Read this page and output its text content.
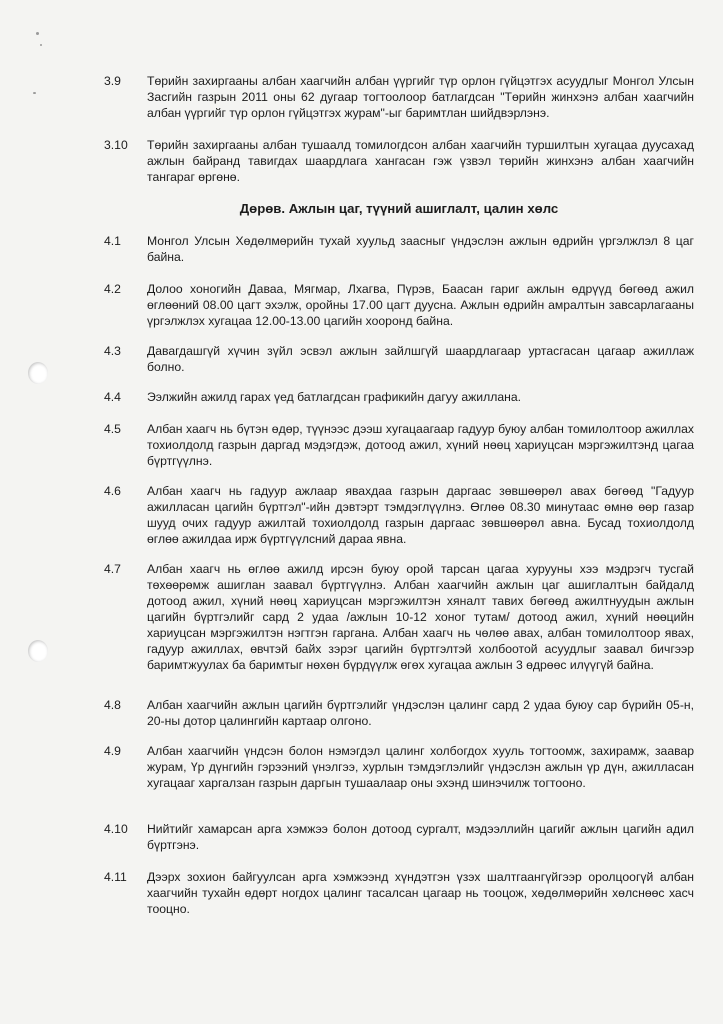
3.9	Төрийн захиргааны албан хаагчийн албан үүргийг түр орлон гүйцэтгэх асуудлыг Монгол Улсын Засгийн газрын 2011 оны 62 дугаар тогтоолоор батлагдсан "Төрийн жинхэнэ албан хаагчийн албан үүргийг түр орлон гүйцэтгэх журам"-ыг баримтлан шийдвэрлэнэ.
3.10	Төрийн захиргааны албан тушаалд томилогдсон албан хаагчийн туршилтын хугацаа дуусахад ажлын байранд тавигдах шаардлага хангасан гэж үзвэл төрийн жинхэнэ албан хаагчийн тангараг өргөнө.
Дөрөв. Ажлын цаг, түүний ашиглалт, цалин хөлс
4.1	Монгол Улсын Хөдөлмөрийн тухай хуульд заасныг үндэслэн ажлын өдрийн үргэлжлэл 8 цаг байна.
4.2	Долоо хоногийн Даваа, Мягмар, Лхагва, Пүрэв, Баасан гариг ажлын өдрүүд бөгөөд ажил өглөөний 08.00 цагт эхэлж, оройны 17.00 цагт дуусна. Ажлын өдрийн амралтын завсарлагааны үргэлжлэх хугацаа 12.00-13.00 цагийн хооронд байна.
4.3	Давагдашгүй хүчин зүйл эсвэл ажлын зайлшгүй шаардлагаар уртасгасан цагаар ажиллаж болно.
4.4	Ээлжийн ажилд гарах үед батлагдсан графикийн дагуу ажиллана.
4.5	Албан хаагч нь бүтэн өдөр, түүнээс дээш хугацаагаар гадуур буюу албан томилолтоор ажиллах тохиолдолд газрын даргад мэдэгдэж, дотоод ажил, хүний нөөц хариуцсан мэргэжилтэнд цагаа бүртгүүлнэ.
4.6	Албан хаагч нь гадуур ажлаар явахдаа газрын даргаас зөвшөөрөл авах бөгөөд "Гадуур ажилласан цагийн бүртгэл"-ийн дэвтэрт тэмдэглүүлнэ. Өглөө 08.30 минутаас өмнө өөр газар шууд очих гадуур ажилтай тохиолдолд газрын даргаас зөвшөөрөл авна. Бусад тохиолдолд өглөө ажилдаа ирж бүртгүүлсний дараа явна.
4.7	Албан хаагч нь өглөө ажилд ирсэн буюу орой тарсан цагаа хурууны хээ мэдрэгч тусгай төхөөрөмж ашиглан заавал бүртгүүлнэ. Албан хаагчийн ажлын цаг ашиглалтын байдалд дотоод ажил, хүний нөөц хариуцсан мэргэжилтэн хяналт тавих бөгөөд ажилтнуудын ажлын цагийн бүртгэлийг сард 2 удаа /ажлын 10-12 хоног тутам/ дотоод ажил, хүний нөөцийн хариуцсан мэргэжилтэн нэгтгэн гаргана. Албан хаагч нь чөлөө авах, албан томилолтоор явах, гадуур ажиллах, өвчтэй байх зэрэг цагийн бүртгэлтэй холбоотой асуудлыг заавал бичгээр баримтжуулах ба баримтыг нөхөн бүрдүүлж өгөх хугацаа ажлын 3 өдрөөс илүүгүй байна.
4.8	Албан хаагчийн ажлын цагийн бүртгэлийг үндэслэн цалинг сард 2 удаа буюу сар бүрийн 05-н, 20-ны дотор цалингийн картаар олгоно.
4.9	Албан хаагчийн үндсэн болон нэмэгдэл цалинг холбогдох хууль тогтоомж, захирамж, заавар журам, Үр дүнгийн гэрээний үнэлгээ, хурлын тэмдэглэлийг үндэслэн ажлын үр дүн, ажилласан хугацааг харгалзан газрын даргын тушаалаар оны эхэнд шинэчилж тогтооно.
4.10	Нийтийг хамарсан арга хэмжээ болон дотоод сургалт, мэдээллийн цагийг ажлын цагийн адил бүртгэнэ.
4.11	Дээрх зохион байгуулсан арга хэмжээнд хүндэтгэн үзэх шалтгаангүйгээр оролцоогүй албан хаагчийн тухайн өдөрт ногдох цалинг тасалсан цагаар нь тооцож, хөдөлмөрийн хөлснөөс хасч тооцно.
